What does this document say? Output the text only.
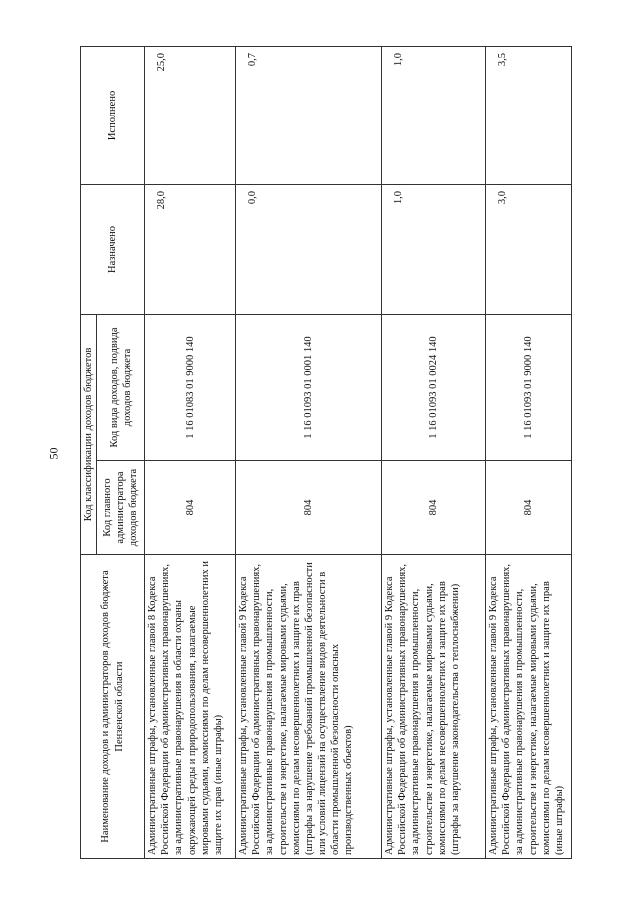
50
Наименование доходов и администраторов доходов бюджета Пензенской области	Код классификации доходов бюджетов		Назначено	Исполнено
	Код главного администратора доходов бюджета	Код вида доходов, подвида доходов бюджета		
Административные штрафы, установленные главой 8 Кодекса Российской Федерации об административных правонарушениях, за административные правонарушения в области охраны окружающей среды и природопользования, налагаемые мировыми судьями, комиссиями по делам несовершеннолетних и защите их прав (иные штрафы)	804	1 16 01083 01 9000 140	28,0	25,0
Административные штрафы, установленные главой 9 Кодекса Российской Федерации об административных правонарушениях, за административные правонарушения в промышленности, строительстве и энергетике, налагаемые мировыми судьями, комиссиями по делам несовершеннолетних и защите их прав (штрафы за нарушение требований промышленной безопасности или условий лицензий на осуществление видов деятельности в области промышленной безопасности опасных производственных объектов)	804	1 16 01093 01 0001 140	0,0	0,7
Административные штрафы, установленные главой 9 Кодекса Российской Федерации об административных правонарушениях, за административные правонарушения в промышленности, строительстве и энергетике, налагаемые мировыми судьями, комиссиями по делам несовершеннолетних и защите их прав (штрафы за нарушение законодательства о теплоснабжении)	804	1 16 01093 01 0024 140	1,0	1,0
Административные штрафы, установленные главой 9 Кодекса Российской Федерации об административных правонарушениях, за административные правонарушения в промышленности, строительстве и энергетике, налагаемые мировыми судьями, комиссиями по делам несовершеннолетних и защите их прав (иные штрафы)	804	1 16 01093 01 9000 140	3,0	3,5
